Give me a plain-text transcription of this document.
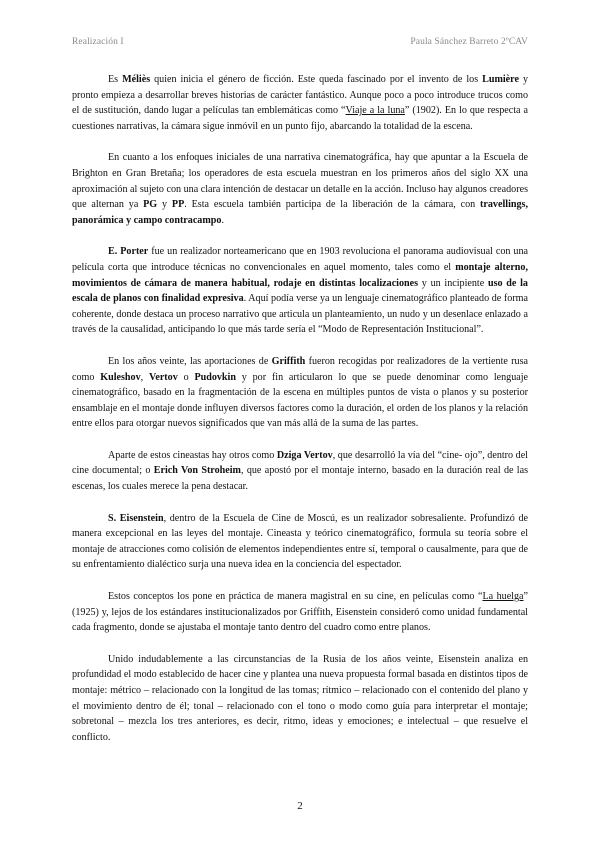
Realización I	Paula Sánchez Barreto 2ºCAV

Es Méliès quien inicia el género de ficción. Este queda fascinado por el invento de los Lumière y pronto empieza a desarrollar breves historias de carácter fantástico. Aunque poco a poco introduce trucos como el de sustitución, dando lugar a películas tan emblemáticas como “Viaje a la luna” (1902). En lo que respecta a cuestiones narrativas, la cámara sigue inmóvil en un punto fijo, abarcando la totalidad de la escena.

En cuanto a los enfoques iniciales de una narrativa cinematográfica, hay que apuntar a la Escuela de Brighton en Gran Bretaña; los operadores de esta escuela muestran en los primeros años del siglo XX una aproximación al sujeto con una clara intención de destacar un detalle en la acción. Incluso hay algunos creadores que alternan ya PG y PP. Esta escuela también participa de la liberación de la cámara, con travellings, panorámica y campo contracampo.

E. Porter fue un realizador norteamericano que en 1903 revoluciona el panorama audiovisual con una película corta que introduce técnicas no convencionales en aquel momento, tales como el montaje alterno, movimientos de cámara de manera habitual, rodaje en distintas localizaciones y un incipiente uso de la escala de planos con finalidad expresiva. Aquí podía verse ya un lenguaje cinematográfico planteado de forma coherente, donde destaca un proceso narrativo que articula un planteamiento, un nudo y un desenlace enlazado a través de la causalidad, anticipando lo que más tarde sería el “Modo de Representación Institucional”.

En los años veinte, las aportaciones de Griffith fueron recogidas por realizadores de la vertiente rusa como Kuleshov, Vertov o Pudovkin y por fin articularon lo que se puede denominar como lenguaje cinematográfico, basado en la fragmentación de la escena en múltiples puntos de vista o planos y su posterior ensamblaje en el montaje donde influyen diversos factores como la duración, el orden de los planos y la relación entre ellos para otorgar nuevos significados que van más allá de la suma de las partes.

Aparte de estos cineastas hay otros como Dziga Vertov, que desarrolló la vía del “cine- ojo”, dentro del cine documental; o Erich Von Stroheim, que apostó por el montaje interno, basado en la duración real de las escenas, los cuales merece la pena destacar.

S. Eisenstein, dentro de la Escuela de Cine de Moscú, es un realizador sobresaliente. Profundizó de manera excepcional en las leyes del montaje. Cineasta y teórico cinematográfico, formula su teoría sobre el montaje de atracciones como colisión de elementos independientes entre sí, temporal o causalmente, para que de su enfrentamiento dialéctico surja una nueva idea en la conciencia del espectador.

Estos conceptos los pone en práctica de manera magistral en su cine, en películas como “La huelga” (1925) y, lejos de los estándares institucionalizados por Griffith, Eisenstein consideró como unidad fundamental cada fragmento, donde se ajustaba el montaje tanto dentro del cuadro como entre planos.

Unido indudablemente a las circunstancias de la Rusia de los años veinte, Eisenstein analiza en profundidad el modo establecido de hacer cine y plantea una nueva propuesta formal basada en distintos tipos de montaje: métrico – relacionado con la longitud de las tomas; rítmico – relacionado con el contenido del plano y el movimiento dentro de él; tonal – relacionado con el tono o modo como guía para interpretar el montaje; sobretonal – mezcla los tres anteriores, es decir, ritmo, ideas y emociones; e intelectual – que resuelve el conflicto.

2
